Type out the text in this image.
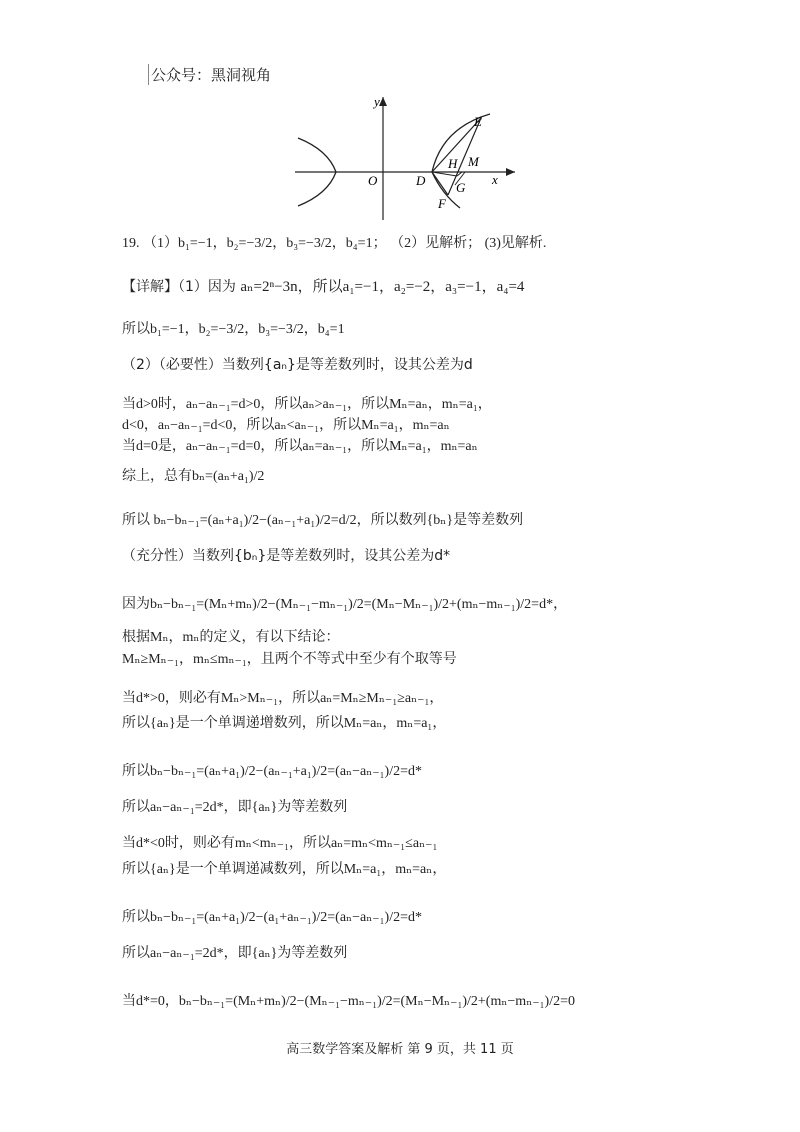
公众号：黑洞视角
y
E
H M
O	D G
x
F
19. （1）b₁=−1，b₂=−3/2，b₃=−3/2，b₄=1； （2）见解析； (3)见解析.
【详解】（1）因为 aₙ=2ⁿ−3n，所以a₁=−1，a₂=−2，a₃=−1，a₄=4
所以b₁=−1，b₂=−3/2，b₃=−3/2，b₄=1
（2）（必要性）当数列{aₙ}是等差数列时，设其公差为d
当d>0时，aₙ−aₙ₋₁=d>0，所以aₙ>aₙ₋₁，所以Mₙ=aₙ，mₙ=a₁，
d<0，aₙ−aₙ₋₁=d<0，所以aₙ<aₙ₋₁，所以Mₙ=a₁，mₙ=aₙ
当d=0是，aₙ−aₙ₋₁=d=0，所以aₙ=aₙ₋₁，所以Mₙ=a₁，mₙ=aₙ
综上，总有bₙ=(aₙ+a₁)/2
所以 bₙ−bₙ₋₁=(aₙ+a₁)/2−(aₙ₋₁+a₁)/2=d/2，所以数列{bₙ}是等差数列
（充分性）当数列{bₙ}是等差数列时，设其公差为d*
因为bₙ−bₙ₋₁=(Mₙ+mₙ)/2−(Mₙ₋₁−mₙ₋₁)/2=(Mₙ−Mₙ₋₁)/2+(mₙ−mₙ₋₁)/2=d*，
根据Mₙ，mₙ的定义，有以下结论：
Mₙ≥Mₙ₋₁，mₙ≤mₙ₋₁，且两个不等式中至少有个取等号
当d*>0，则必有Mₙ>Mₙ₋₁，所以aₙ=Mₙ≥Mₙ₋₁≥aₙ₋₁，
所以{aₙ}是一个单调递增数列，所以Mₙ=aₙ，mₙ=a₁，
所以bₙ−bₙ₋₁=(aₙ+a₁)/2−(aₙ₋₁+a₁)/2=(aₙ−aₙ₋₁)/2=d*
所以aₙ−aₙ₋₁=2d*，即{aₙ}为等差数列
当d*<0时，则必有mₙ<mₙ₋₁，所以aₙ=mₙ<mₙ₋₁≤aₙ₋₁
所以{aₙ}是一个单调递减数列，所以Mₙ=a₁，mₙ=aₙ，
所以bₙ−bₙ₋₁=(aₙ+a₁)/2−(a₁+aₙ₋₁)/2=(aₙ−aₙ₋₁)/2=d*
所以aₙ−aₙ₋₁=2d*，即{aₙ}为等差数列
当d*=0，bₙ−bₙ₋₁=(Mₙ+mₙ)/2−(Mₙ₋₁−mₙ₋₁)/2=(Mₙ−Mₙ₋₁)/2+(mₙ−mₙ₋₁)/2=0
高三数学答案及解析 第 9 页，共 11 页
